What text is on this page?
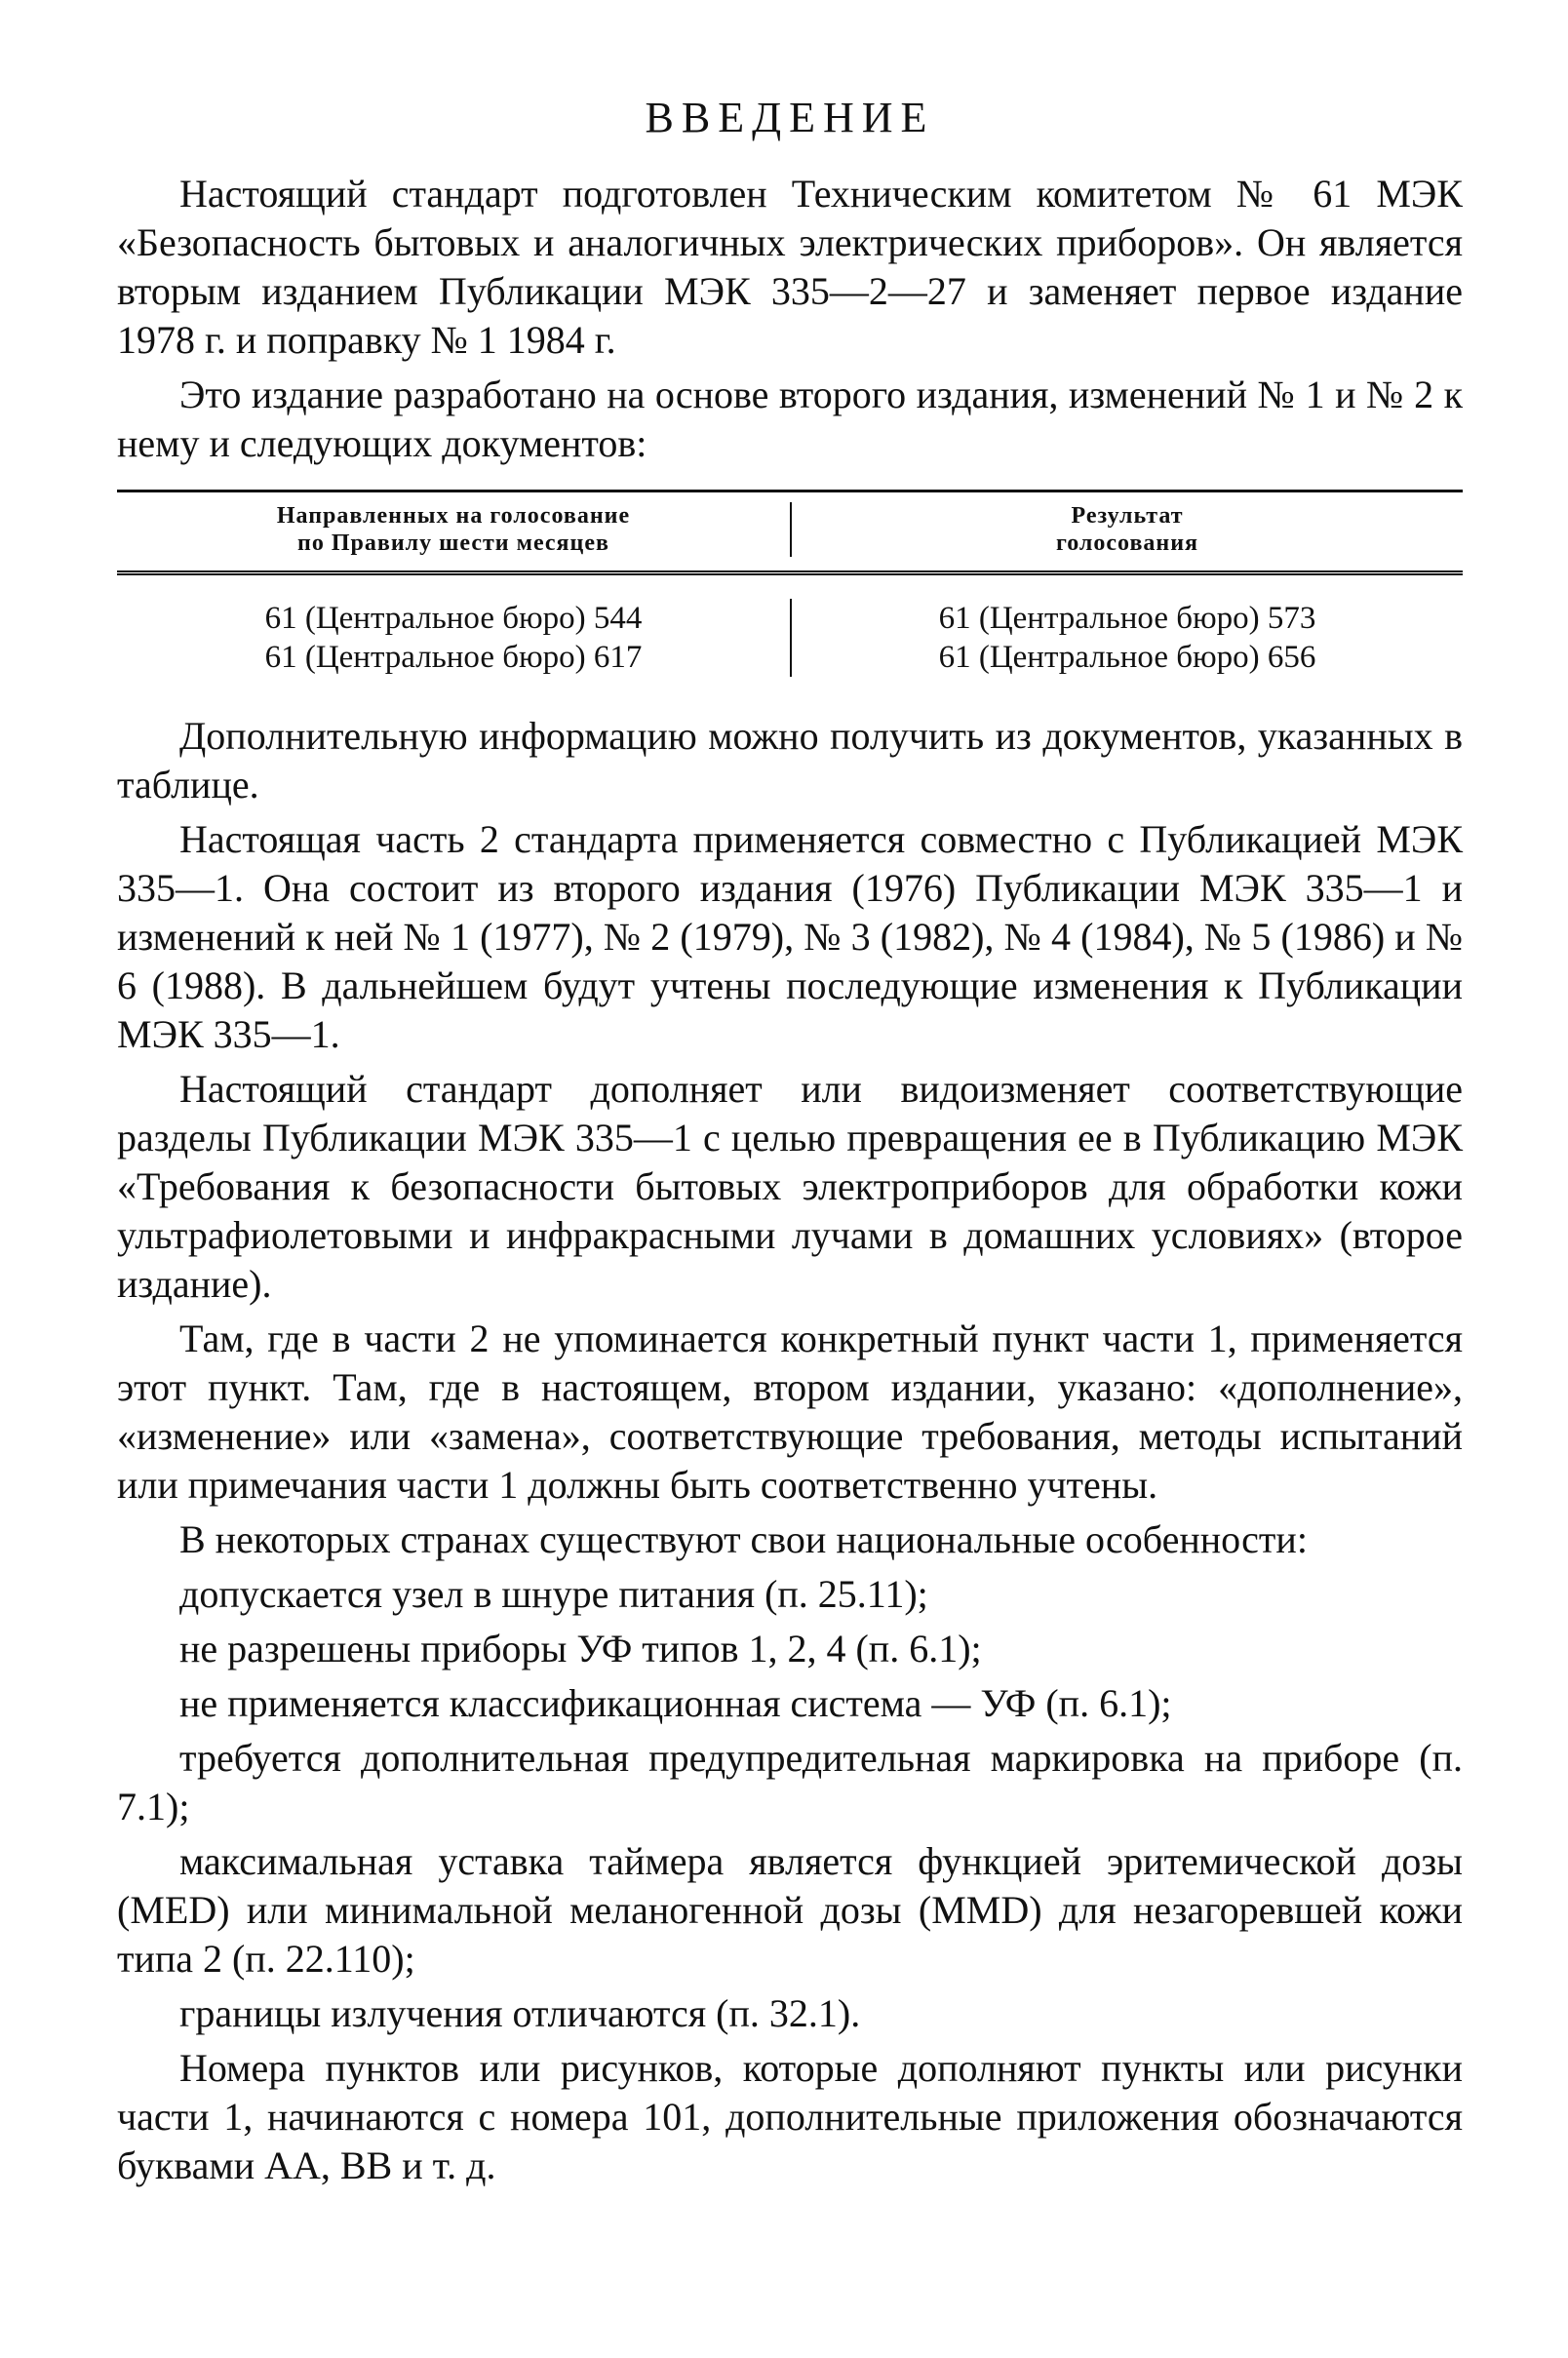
ВВЕДЕНИЕ

Настоящий стандарт подготовлен Техническим комитетом № 61 МЭК «Безопасность бытовых и аналогичных электрических приборов». Он является вторым изданием Публикации МЭК 335—2—27 и заменяет первое издание 1978 г. и поправку № 1 1984 г.

Это издание разработано на основе второго издания, изменений № 1 и № 2 к нему и следующих документов:

Направленных на голосование
по Правилу шести месяцев
Результат
голосования
61 (Центральное бюро) 544
61 (Центральное бюро) 617
61 (Центральное бюро) 573
61 (Центральное бюро) 656

Дополнительную информацию можно получить из документов, указанных в таблице.

Настоящая часть 2 стандарта применяется совместно с Публикацией МЭК 335—1. Она состоит из второго издания (1976) Публикации МЭК 335—1 и изменений к ней № 1 (1977), № 2 (1979), № 3 (1982), № 4 (1984), № 5 (1986) и № 6 (1988). В дальнейшем будут учтены последующие изменения к Публикации МЭК 335—1.

Настоящий стандарт дополняет или видоизменяет соответствующие разделы Публикации МЭК 335—1 с целью превращения ее в Публикацию МЭК «Требования к безопасности бытовых электроприборов для обработки кожи ультрафиолетовыми и инфракрасными лучами в домашних условиях» (второе издание).

Там, где в части 2 не упоминается конкретный пункт части 1, применяется этот пункт. Там, где в настоящем, втором издании, указано: «дополнение», «изменение» или «замена», соответствующие требования, методы испытаний или примечания части 1 должны быть соответственно учтены.

В некоторых странах существуют свои национальные особенности:

допускается узел в шнуре питания (п. 25.11);
не разрешены приборы УФ типов 1, 2, 4 (п. 6.1);
не применяется классификационная система — УФ (п. 6.1);
требуется дополнительная предупредительная маркировка на приборе (п. 7.1);
максимальная уставка таймера является функцией эритемической дозы (MED) или минимальной меланогенной дозы (MMD) для незагоревшей кожи типа 2 (п. 22.110);
границы излучения отличаются (п. 32.1).

Номера пунктов или рисунков, которые дополняют пункты или рисунки части 1, начинаются с номера 101, дополнительные приложения обозначаются буквами АА, ВВ и т. д.
